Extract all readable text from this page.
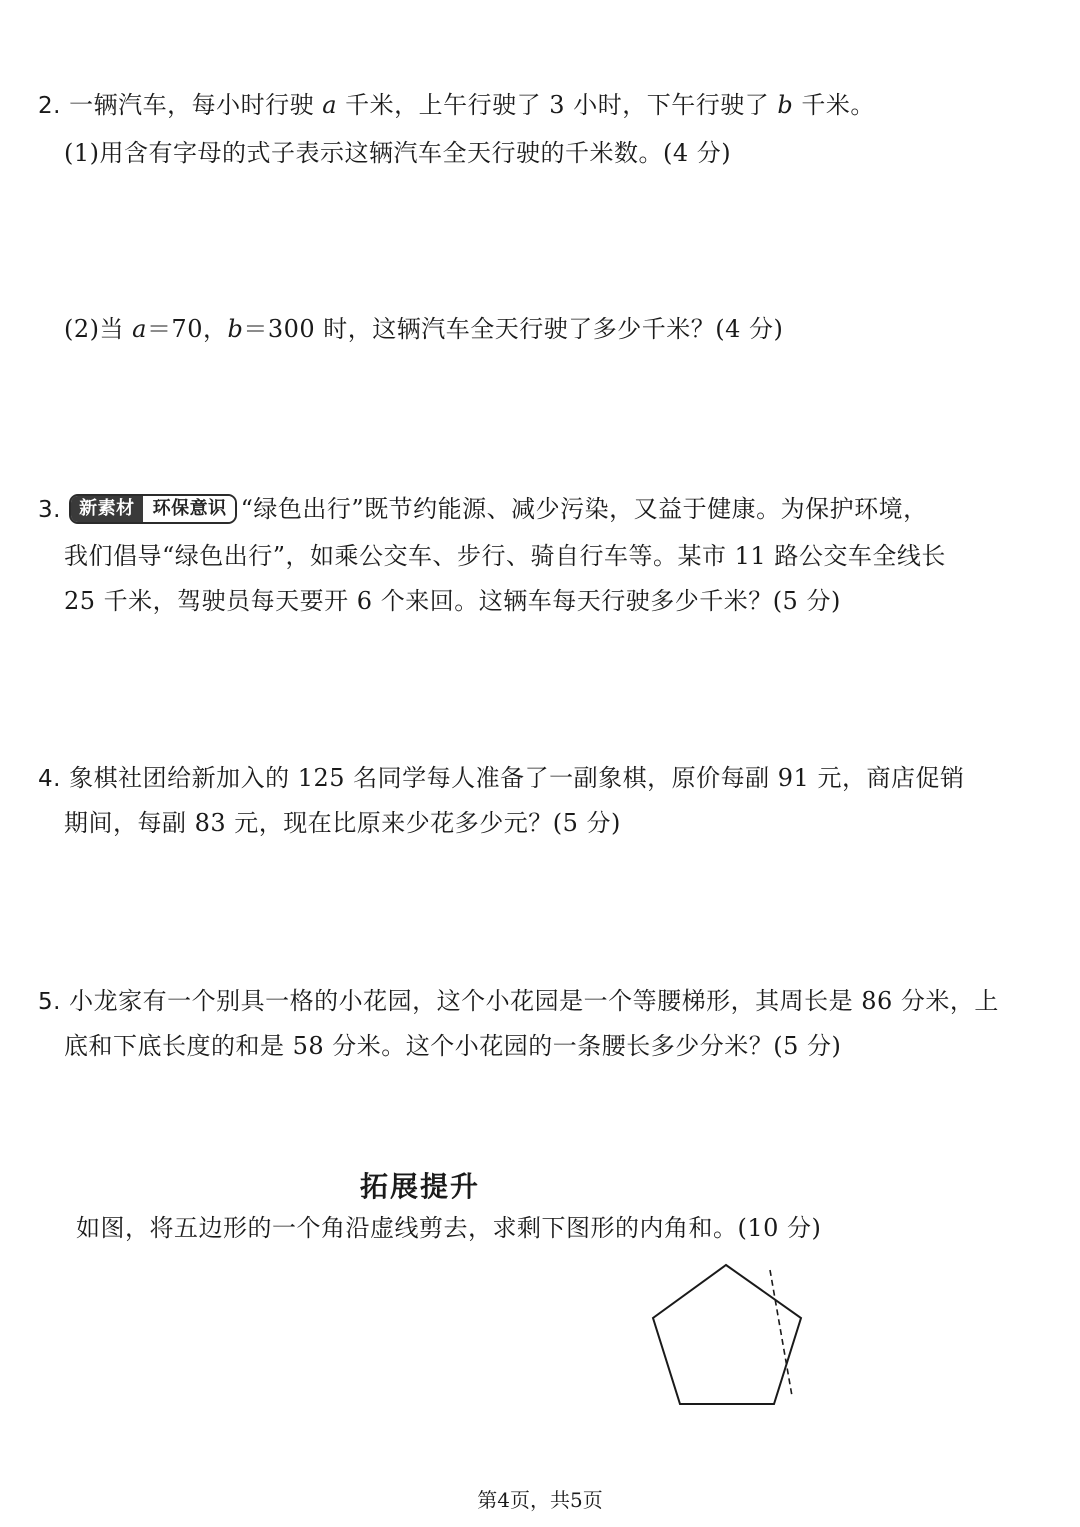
2. 一辆汽车，每小时行驶 a 千米，上午行驶了 3 小时，下午行驶了 b 千米。
(1)用含有字母的式子表示这辆汽车全天行驶的千米数。(4 分)
(2)当 a＝70，b＝300 时，这辆汽车全天行驶了多少千米？(4 分)
3.	新素材	环保意识 “绿色出行”既节约能源、减少污染，又益于健康。为保护环境，
我们倡导“绿色出行”，如乘公交车、步行、骑自行车等。某市 11 路公交车全线长
25 千米，驾驶员每天要开 6 个来回。这辆车每天行驶多少千米？(5 分)
4. 象棋社团给新加入的 125 名同学每人准备了一副象棋，原价每副 91 元，商店促销
期间，每副 83 元，现在比原来少花多少元？(5 分)
5. 小龙家有一个别具一格的小花园，这个小花园是一个等腰梯形，其周长是 86 分米，上
底和下底长度的和是 58 分米。这个小花园的一条腰长多少分米？(5 分)
拓展提升
如图，将五边形的一个角沿虚线剪去，求剩下图形的内角和。(10 分)
第4页，共5页
